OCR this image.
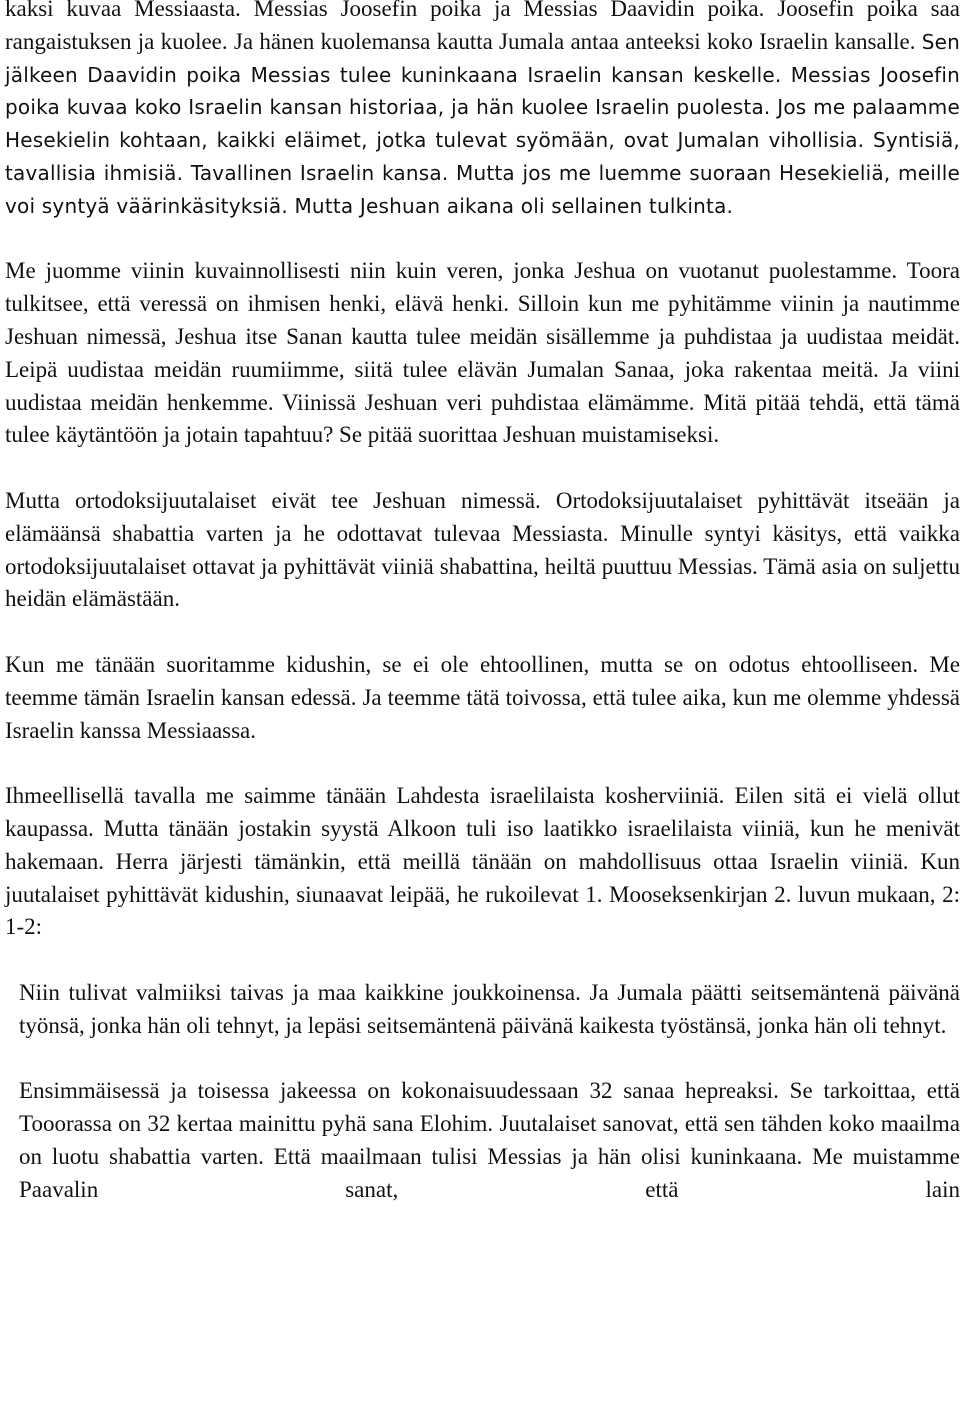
kaksi kuvaa Messiaasta. Messias Joosefin poika ja Messias Daavidin poika. Joosefin poika saa rangaistuksen ja kuolee. Ja hänen kuolemansa kautta Jumala antaa anteeksi koko Israelin kansalle. Sen jälkeen Daavidin poika Messias tulee kuninkaana Israelin kansan keskelle. Messias Joosefin poika kuvaa koko Israelin kansan historiaa, ja hän kuolee Israelin puolesta. Jos me palaamme Hesekielin kohtaan, kaikki eläimet, jotka tulevat syömään, ovat Jumalan vihollisia. Syntisiä, tavallisia ihmisiä. Tavallinen Israelin kansa. Mutta jos me luemme suoraan Hesekieliä, meille voi syntyä väärinkäsityksiä. Mutta Jeshuan aikana oli sellainen tulkinta.

Me juomme viinin kuvainnollisesti niin kuin veren, jonka Jeshua on vuotanut puolestamme. Toora tulkitsee, että veressä on ihmisen henki, elävä henki. Silloin kun me pyhitämme viinin ja nautimme Jeshuan nimessä, Jeshua itse Sanan kautta tulee meidän sisällemme ja puhdistaa ja uudistaa meidät. Leipä uudistaa meidän ruumiimme, siitä tulee elävän Jumalan Sanaa, joka rakentaa meitä. Ja viini uudistaa meidän henkemme. Viinissä Jeshuan veri puhdistaa elämämme. Mitä pitää tehdä, että tämä tulee käytäntöön ja jotain tapahtuu? Se pitää suorittaa Jeshuan muistamiseksi.

Mutta ortodoksijuutalaiset eivät tee Jeshuan nimessä. Ortodoksijuutalaiset pyhittävät itseään ja elämäänsä shabattia varten ja he odottavat tulevaa Messiasta. Minulle syntyi käsitys, että vaikka ortodoksijuutalaiset ottavat ja pyhittävät viiniä shabattina, heiltä puuttuu Messias. Tämä asia on suljettu heidän elämästään.

Kun me tänään suoritamme kidushin, se ei ole ehtoollinen, mutta se on odotus ehtoolliseen. Me teemme tämän Israelin kansan edessä. Ja teemme tätä toivossa, että tulee aika, kun me olemme yhdessä Israelin kanssa Messiaassa.

Ihmeellisellä tavalla me saimme tänään Lahdesta israelilaista kosherviiniä. Eilen sitä ei vielä ollut kaupassa. Mutta tänään jostakin syystä Alkoon tuli iso laatikko israelilaista viiniä, kun he menivät hakemaan. Herra järjesti tämänkin, että meillä tänään on mahdollisuus ottaa Israelin viiniä. Kun juutalaiset pyhittävät kidushin, siunaavat leipää, he rukoilevat 1. Mooseksenkirjan 2. luvun mukaan, 2: 1-2:

Niin tulivat valmiiksi taivas ja maa kaikkine joukkoinensa. Ja Jumala päätti seitsemäntenä päivänä työnsä, jonka hän oli tehnyt, ja lepäsi seitsemäntenä päivänä kaikesta työstänsä, jonka hän oli tehnyt.

Ensimmäisessä ja toisessa jakeessa on kokonaisuudessaan 32 sanaa hepreaksi. Se tarkoittaa, että Tooorassa on 32 kertaa mainittu pyhä sana Elohim. Juutalaiset sanovat, että sen tähden koko maailma on luotu shabattia varten. Että maailmaan tulisi Messias ja hän olisi kuninkaana. Me muistamme Paavalin sanat, että lain
